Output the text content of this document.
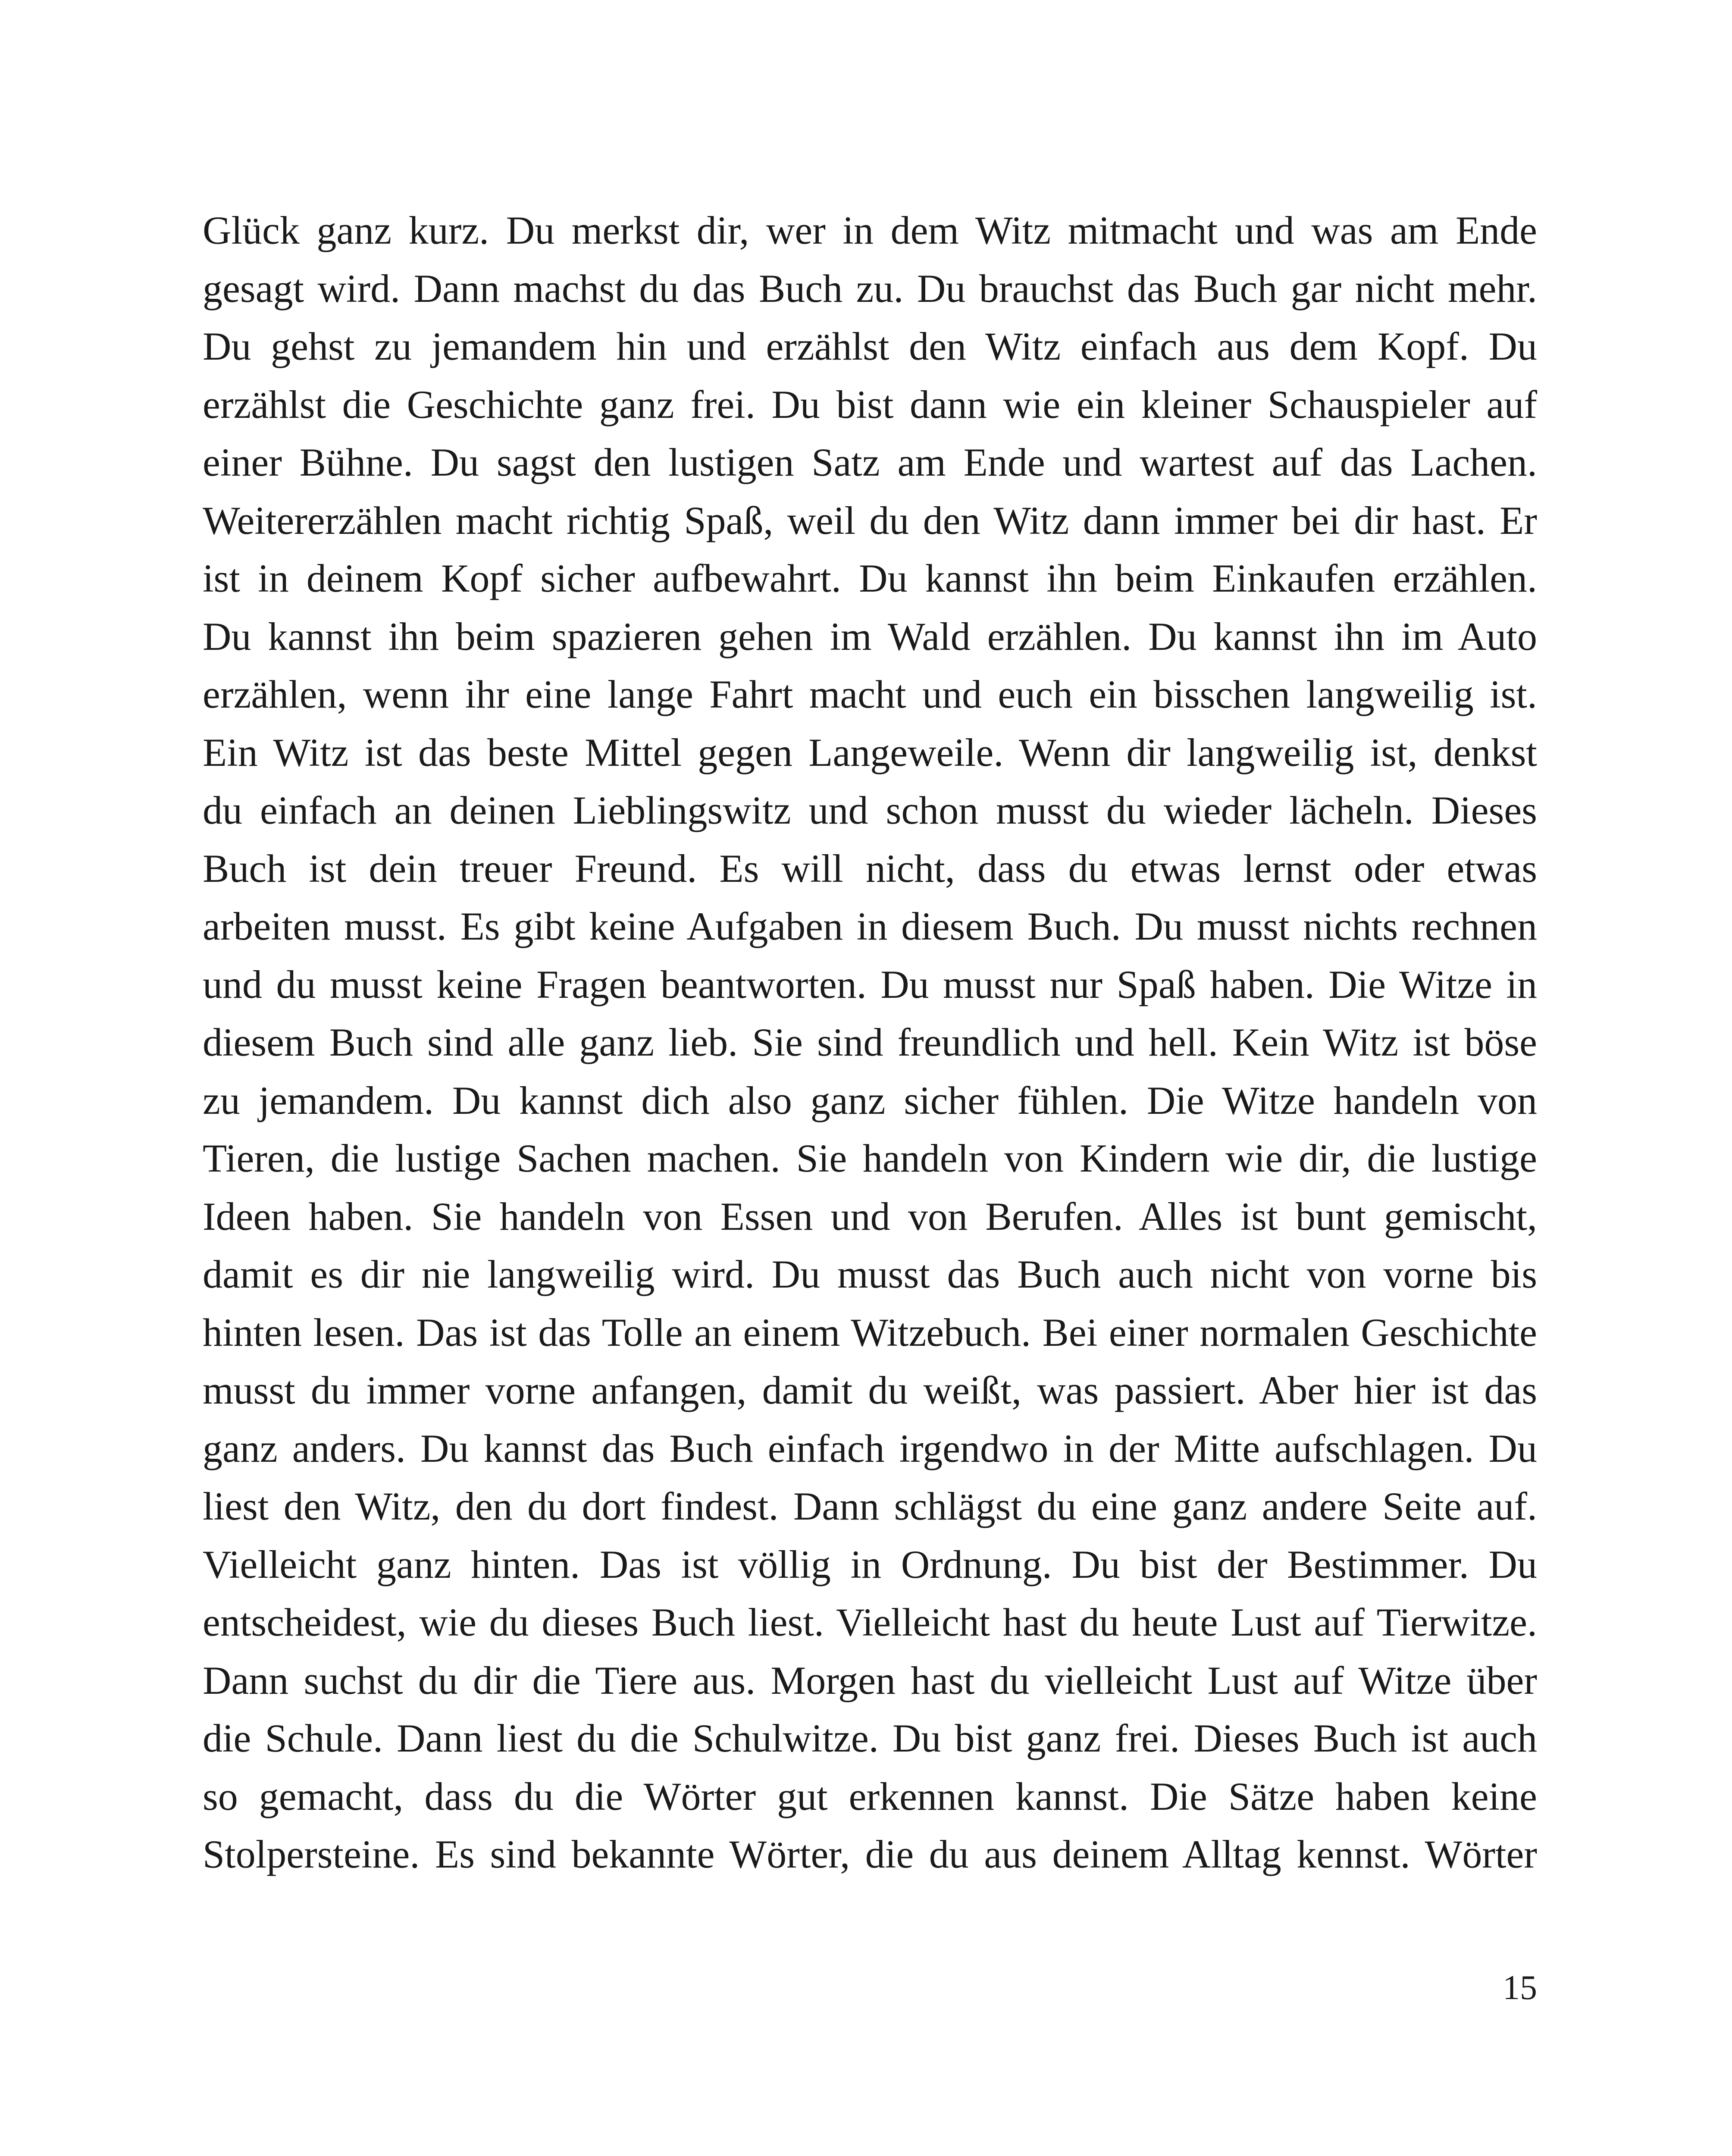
Glück ganz kurz. Du merkst dir, wer in dem Witz mitmacht und was am Ende
gesagt wird. Dann machst du das Buch zu. Du brauchst das Buch gar nicht mehr.
Du gehst zu jemandem hin und erzählst den Witz einfach aus dem Kopf. Du
erzählst die Geschichte ganz frei. Du bist dann wie ein kleiner Schauspieler auf
einer Bühne. Du sagst den lustigen Satz am Ende und wartest auf das Lachen.
Weitererzählen macht richtig Spaß, weil du den Witz dann immer bei dir hast. Er
ist in deinem Kopf sicher aufbewahrt. Du kannst ihn beim Einkaufen erzählen.
Du kannst ihn beim spazieren gehen im Wald erzählen. Du kannst ihn im Auto
erzählen, wenn ihr eine lange Fahrt macht und euch ein bisschen langweilig ist.
Ein Witz ist das beste Mittel gegen Langeweile. Wenn dir langweilig ist, denkst
du einfach an deinen Lieblingswitz und schon musst du wieder lächeln. Dieses
Buch ist dein treuer Freund. Es will nicht, dass du etwas lernst oder etwas
arbeiten musst. Es gibt keine Aufgaben in diesem Buch. Du musst nichts rechnen
und du musst keine Fragen beantworten. Du musst nur Spaß haben. Die Witze in
diesem Buch sind alle ganz lieb. Sie sind freundlich und hell. Kein Witz ist böse
zu jemandem. Du kannst dich also ganz sicher fühlen. Die Witze handeln von
Tieren, die lustige Sachen machen. Sie handeln von Kindern wie dir, die lustige
Ideen haben. Sie handeln von Essen und von Berufen. Alles ist bunt gemischt,
damit es dir nie langweilig wird. Du musst das Buch auch nicht von vorne bis
hinten lesen. Das ist das Tolle an einem Witzebuch. Bei einer normalen Geschichte
musst du immer vorne anfangen, damit du weißt, was passiert. Aber hier ist das
ganz anders. Du kannst das Buch einfach irgendwo in der Mitte aufschlagen. Du
liest den Witz, den du dort findest. Dann schlägst du eine ganz andere Seite auf.
Vielleicht ganz hinten. Das ist völlig in Ordnung. Du bist der Bestimmer. Du
entscheidest, wie du dieses Buch liest. Vielleicht hast du heute Lust auf Tierwitze.
Dann suchst du dir die Tiere aus. Morgen hast du vielleicht Lust auf Witze über
die Schule. Dann liest du die Schulwitze. Du bist ganz frei. Dieses Buch ist auch
so gemacht, dass du die Wörter gut erkennen kannst. Die Sätze haben keine
Stolpersteine. Es sind bekannte Wörter, die du aus deinem Alltag kennst. Wörter
15
